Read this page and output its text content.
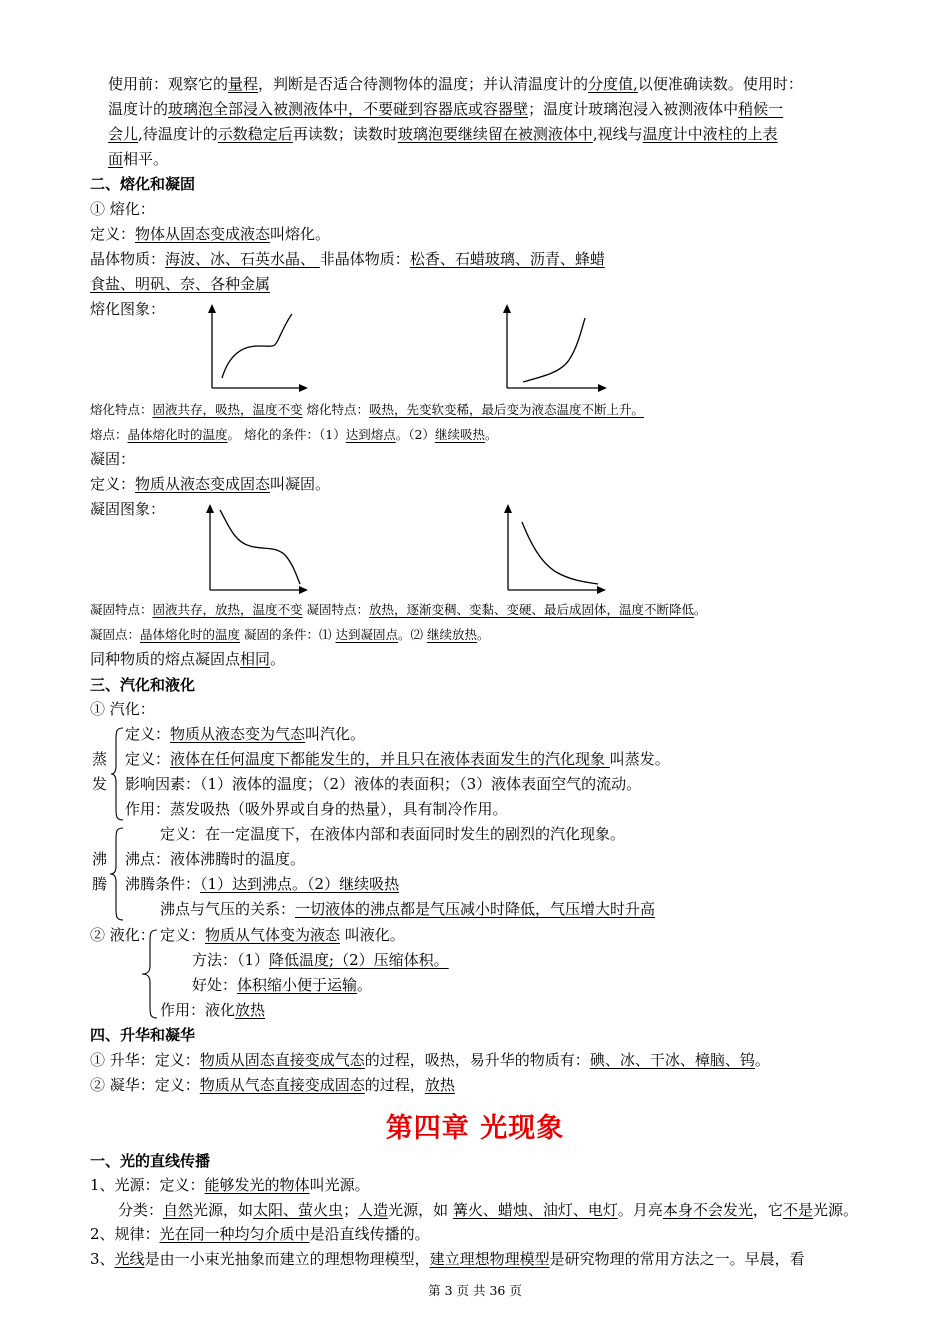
使用前：观察它的量程，判断是否适合待测物体的温度；并认清温度计的分度值,以便准确读数。使用时：
温度计的玻璃泡全部浸入被测液体中，不要碰到容器底或容器壁；温度计玻璃泡浸入被测液体中稍候一
会儿,待温度计的示数稳定后再读数；读数时玻璃泡要继续留在被测液体中,视线与温度计中液柱的上表
面相平。
二、熔化和凝固
① 熔化：
定义：物体从固态变成液态叫熔化。
晶体物质：海波、冰、石英水晶、 非晶体物质：松香、石蜡玻璃、沥青、蜂蜡
食盐、明矾、奈、各种金属
熔化图象：
熔化特点：固液共存，吸热，温度不变 熔化特点：吸热，先变软变稀，最后变为液态温度不断上升。
熔点：晶体熔化时的温度。 熔化的条件：（1）达到熔点。（2）继续吸热。
凝固：
定义：物质从液态变成固态叫凝固。
凝固图象：
凝固特点：固液共存，放热，温度不变 凝固特点：放热，逐渐变稠、变黏、变硬、最后成固体，温度不断降低。
凝固点：晶体熔化时的温度 凝固的条件：⑴ 达到凝固点。⑵ 继续放热。
同种物质的熔点凝固点相同。
三、汽化和液化
① 汽化：
定义：物质从液态变为气态叫汽化。
蒸
发
定义：液体在任何温度下都能发生的，并且只在液体表面发生的汽化现象 叫蒸发。
影响因素：（1）液体的温度；（2）液体的表面积；（3）液体表面空气的流动。
作用：蒸发吸热（吸外界或自身的热量），具有制冷作用。
沸
腾
定义：在一定温度下，在液体内部和表面同时发生的剧烈的汽化现象。
沸点：液体沸腾时的温度。
沸腾条件：（1）达到沸点。（2）继续吸热
沸点与气压的关系：一切液体的沸点都是气压减小时降低，气压增大时升高
② 液化： 定义：物质从气体变为液态 叫液化。
方法：（1）降低温度;（2）压缩体积。
好处：体积缩小便于运输。
作用：液化放热
四、升华和凝华
① 升华：定义：物质从固态直接变成气态的过程，吸热，易升华的物质有：碘、冰、干冰、樟脑、钨。
② 凝华：定义：物质从气态直接变成固态的过程，放热
第四章 光现象
一、光的直线传播
1、光源：定义：能够发光的物体叫光源。
分类：自然光源，如太阳、萤火虫；人造光源，如 篝火、蜡烛、油灯、电灯。月亮本身不会发光，它不是光源。
2、规律：光在同一种均匀介质中是沿直线传播的。
3、光线是由一小束光抽象而建立的理想物理模型，建立理想物理模型是研究物理的常用方法之一。早晨，看
第 3 页 共 36 页
